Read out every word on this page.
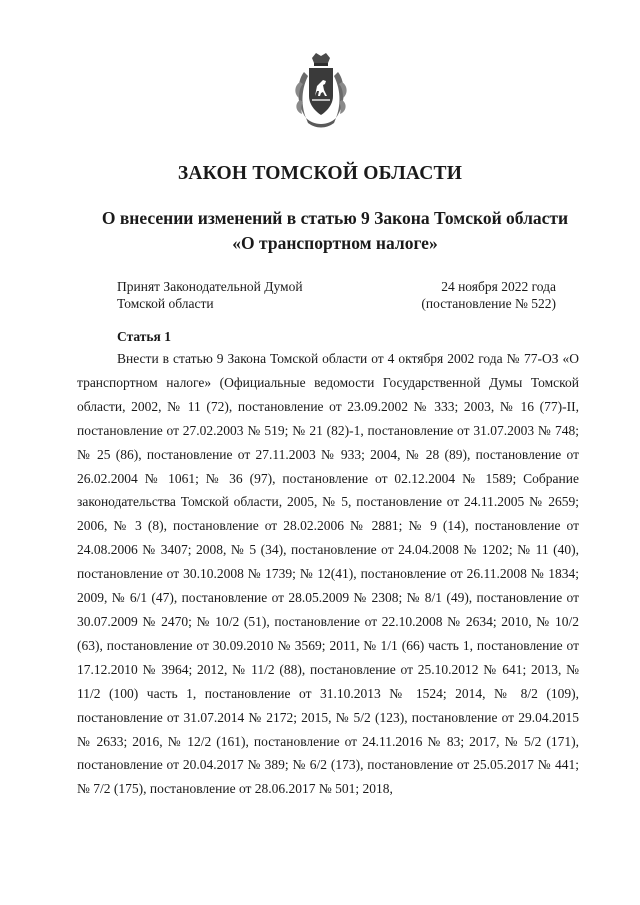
ЗАКОН ТОМСКОЙ ОБЛАСТИ
О внесении изменений в статью 9 Закона Томской области «О транспортном налоге»
Принят Законодательной Думой
Томской области
24 ноября 2022 года
(постановление № 522)
Статья 1

Внести в статью 9 Закона Томской области от 4 октября 2002 года № 77-ОЗ «О транспортном налоге» (Официальные ведомости Государственной Думы Томской области, 2002, № 11 (72), постановление от 23.09.2002 № 333; 2003, № 16 (77)-II, постановление от 27.02.2003 № 519; № 21 (82)-1, постановление от 31.07.2003 № 748; № 25 (86), постановление от 27.11.2003 № 933; 2004, № 28 (89), постановление от 26.02.2004 № 1061; № 36 (97), постановление от 02.12.2004 № 1589; Собрание законодательства Томской области, 2005, № 5, постановление от 24.11.2005 № 2659; 2006, № 3 (8), постановление от 28.02.2006 № 2881; № 9 (14), постановление от 24.08.2006 № 3407; 2008, № 5 (34), постановление от 24.04.2008 № 1202; № 11 (40), постановление от 30.10.2008 № 1739; № 12(41), постановление от 26.11.2008 № 1834; 2009, № 6/1 (47), постановление от 28.05.2009 № 2308; № 8/1 (49), постановление от 30.07.2009 № 2470; № 10/2 (51), постановление от 22.10.2008 № 2634; 2010, № 10/2 (63), постановление от 30.09.2010 № 3569; 2011, № 1/1 (66) часть 1, постановление от 17.12.2010 № 3964; 2012, № 11/2 (88), постановление от 25.10.2012 № 641; 2013, № 11/2 (100) часть 1, постановление от 31.10.2013 № 1524; 2014, № 8/2 (109), постановление от 31.07.2014 № 2172; 2015, № 5/2 (123), постановление от 29.04.2015 № 2633; 2016, № 12/2 (161), постановление от 24.11.2016 № 83; 2017, № 5/2 (171), постановление от 20.04.2017 № 389; № 6/2 (173), постановление от 25.05.2017 № 441; № 7/2 (175), постановление от 28.06.2017 № 501; 2018,
